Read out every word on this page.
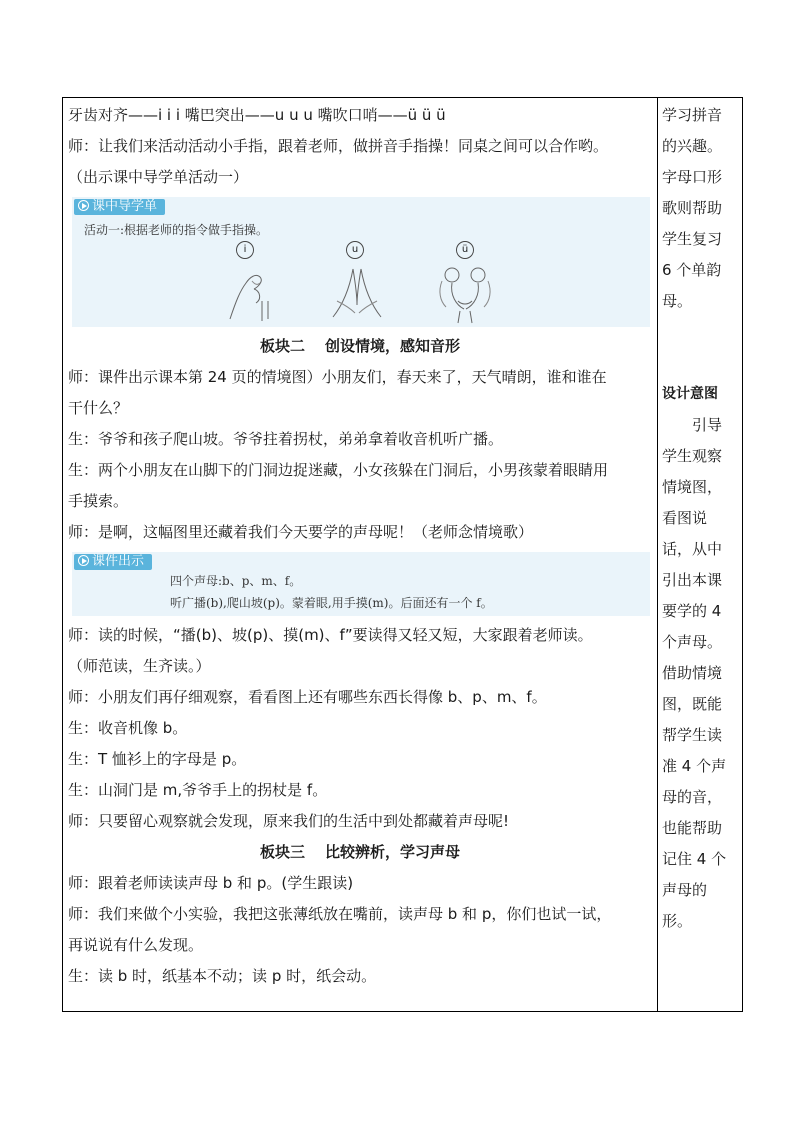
牙齿对齐——i i i 嘴巴突出——u u u 嘴吹口哨——ü ü ü
师：让我们来活动活动小手指，跟着老师，做拼音手指操！同桌之间可以合作哟。
（出示课中导学单活动一）
课中导学单
活动一:根据老师的指令做手指操。
i	u	ü
板块二 创设情境，感知音形
师：课件出示课本第 24 页的情境图）小朋友们，春天来了，天气晴朗，谁和谁在
干什么？
生：爷爷和孩子爬山坡。爷爷拄着拐杖，弟弟拿着收音机听广播。
生：两个小朋友在山脚下的门洞边捉迷藏，小女孩躲在门洞后，小男孩蒙着眼睛用
手摸索。
师：是啊，这幅图里还藏着我们今天要学的声母呢！（老师念情境歌）
课件出示
四个声母:b、p、m、f。
听广播(b),爬山坡(p)。蒙着眼,用手摸(m)。后面还有一个 f。
师：读的时候，“播(b)、坡(p)、摸(m)、f”要读得又轻又短，大家跟着老师读。
（师范读，生齐读。）
师：小朋友们再仔细观察，看看图上还有哪些东西长得像 b、p、m、f。
生：收音机像 b。
生：T 恤衫上的字母是 p。
生：山洞门是 m,爷爷手上的拐杖是 f。
师：只要留心观察就会发现，原来我们的生活中到处都藏着声母呢!
板块三 比较辨析，学习声母
师：跟着老师读读声母 b 和 p。(学生跟读)
师：我们来做个小实验，我把这张薄纸放在嘴前，读声母 b 和 p，你们也试一试，
再说说有什么发现。
生：读 b 时，纸基本不动；读 p 时，纸会动。
学习拼音
的兴趣。
字母口形
歌则帮助
学生复习
6 个单韵
母。
设计意图
　　引导
学生观察
情境图，
看图说
话，从中
引出本课
要学的 4
个声母。
借助情境
图，既能
帮学生读
准 4 个声
母的音，
也能帮助
记住 4 个
声母的
形。
